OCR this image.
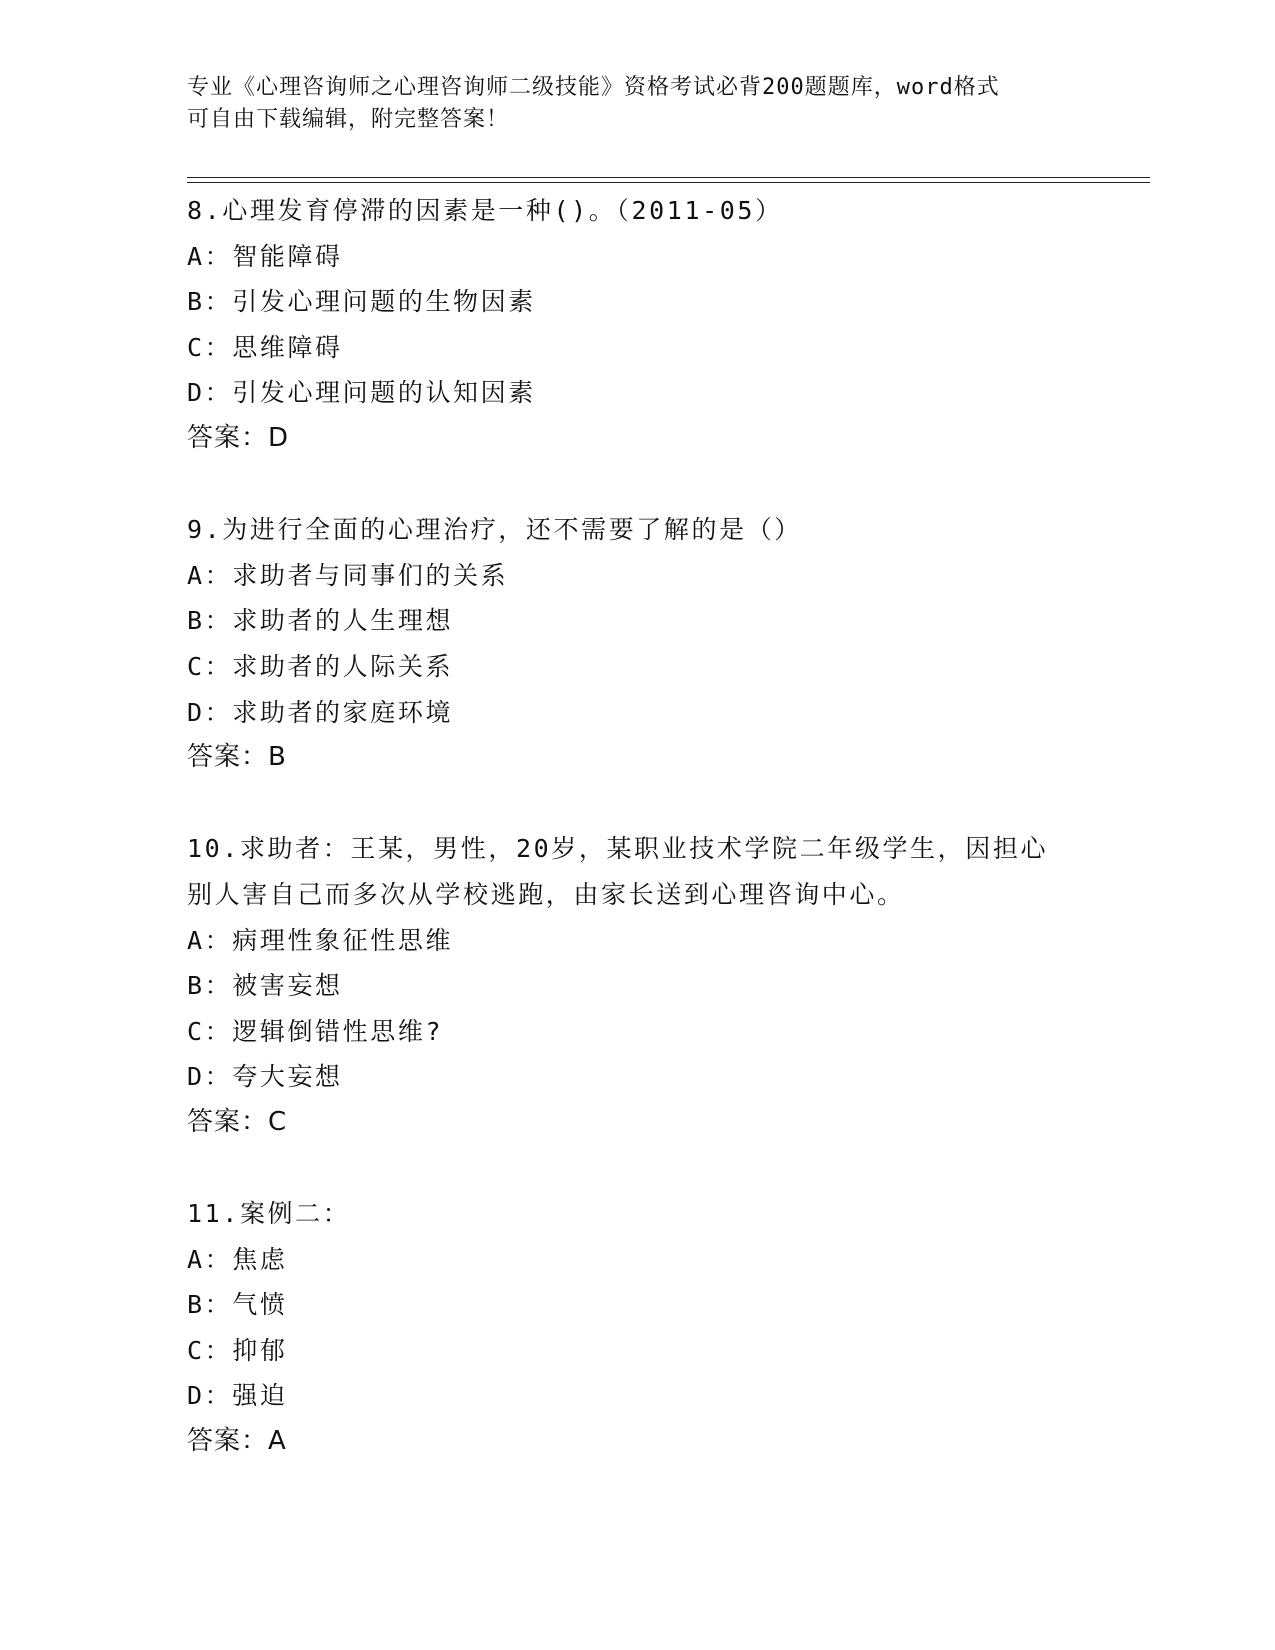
专业《心理咨询师之心理咨询师二级技能》资格考试必背200题题库，word格式
可自由下载编辑，附完整答案！
8.心理发育停滞的因素是一种()。（2011-05）
A：智能障碍
B：引发心理问题的生物因素
C：思维障碍
D：引发心理问题的认知因素
答案：D
9.为进行全面的心理治疗，还不需要了解的是（）
A：求助者与同事们的关系
B：求助者的人生理想
C：求助者的人际关系
D：求助者的家庭环境
答案：B
10.求助者：王某，男性，20岁，某职业技术学院二年级学生，因担心
别人害自己而多次从学校逃跑，由家长送到心理咨询中心。
A：病理性象征性思维
B：被害妄想
C：逻辑倒错性思维?
D：夸大妄想
答案：C
11.案例二：
A：焦虑
B：气愤
C：抑郁
D：强迫
答案：A
